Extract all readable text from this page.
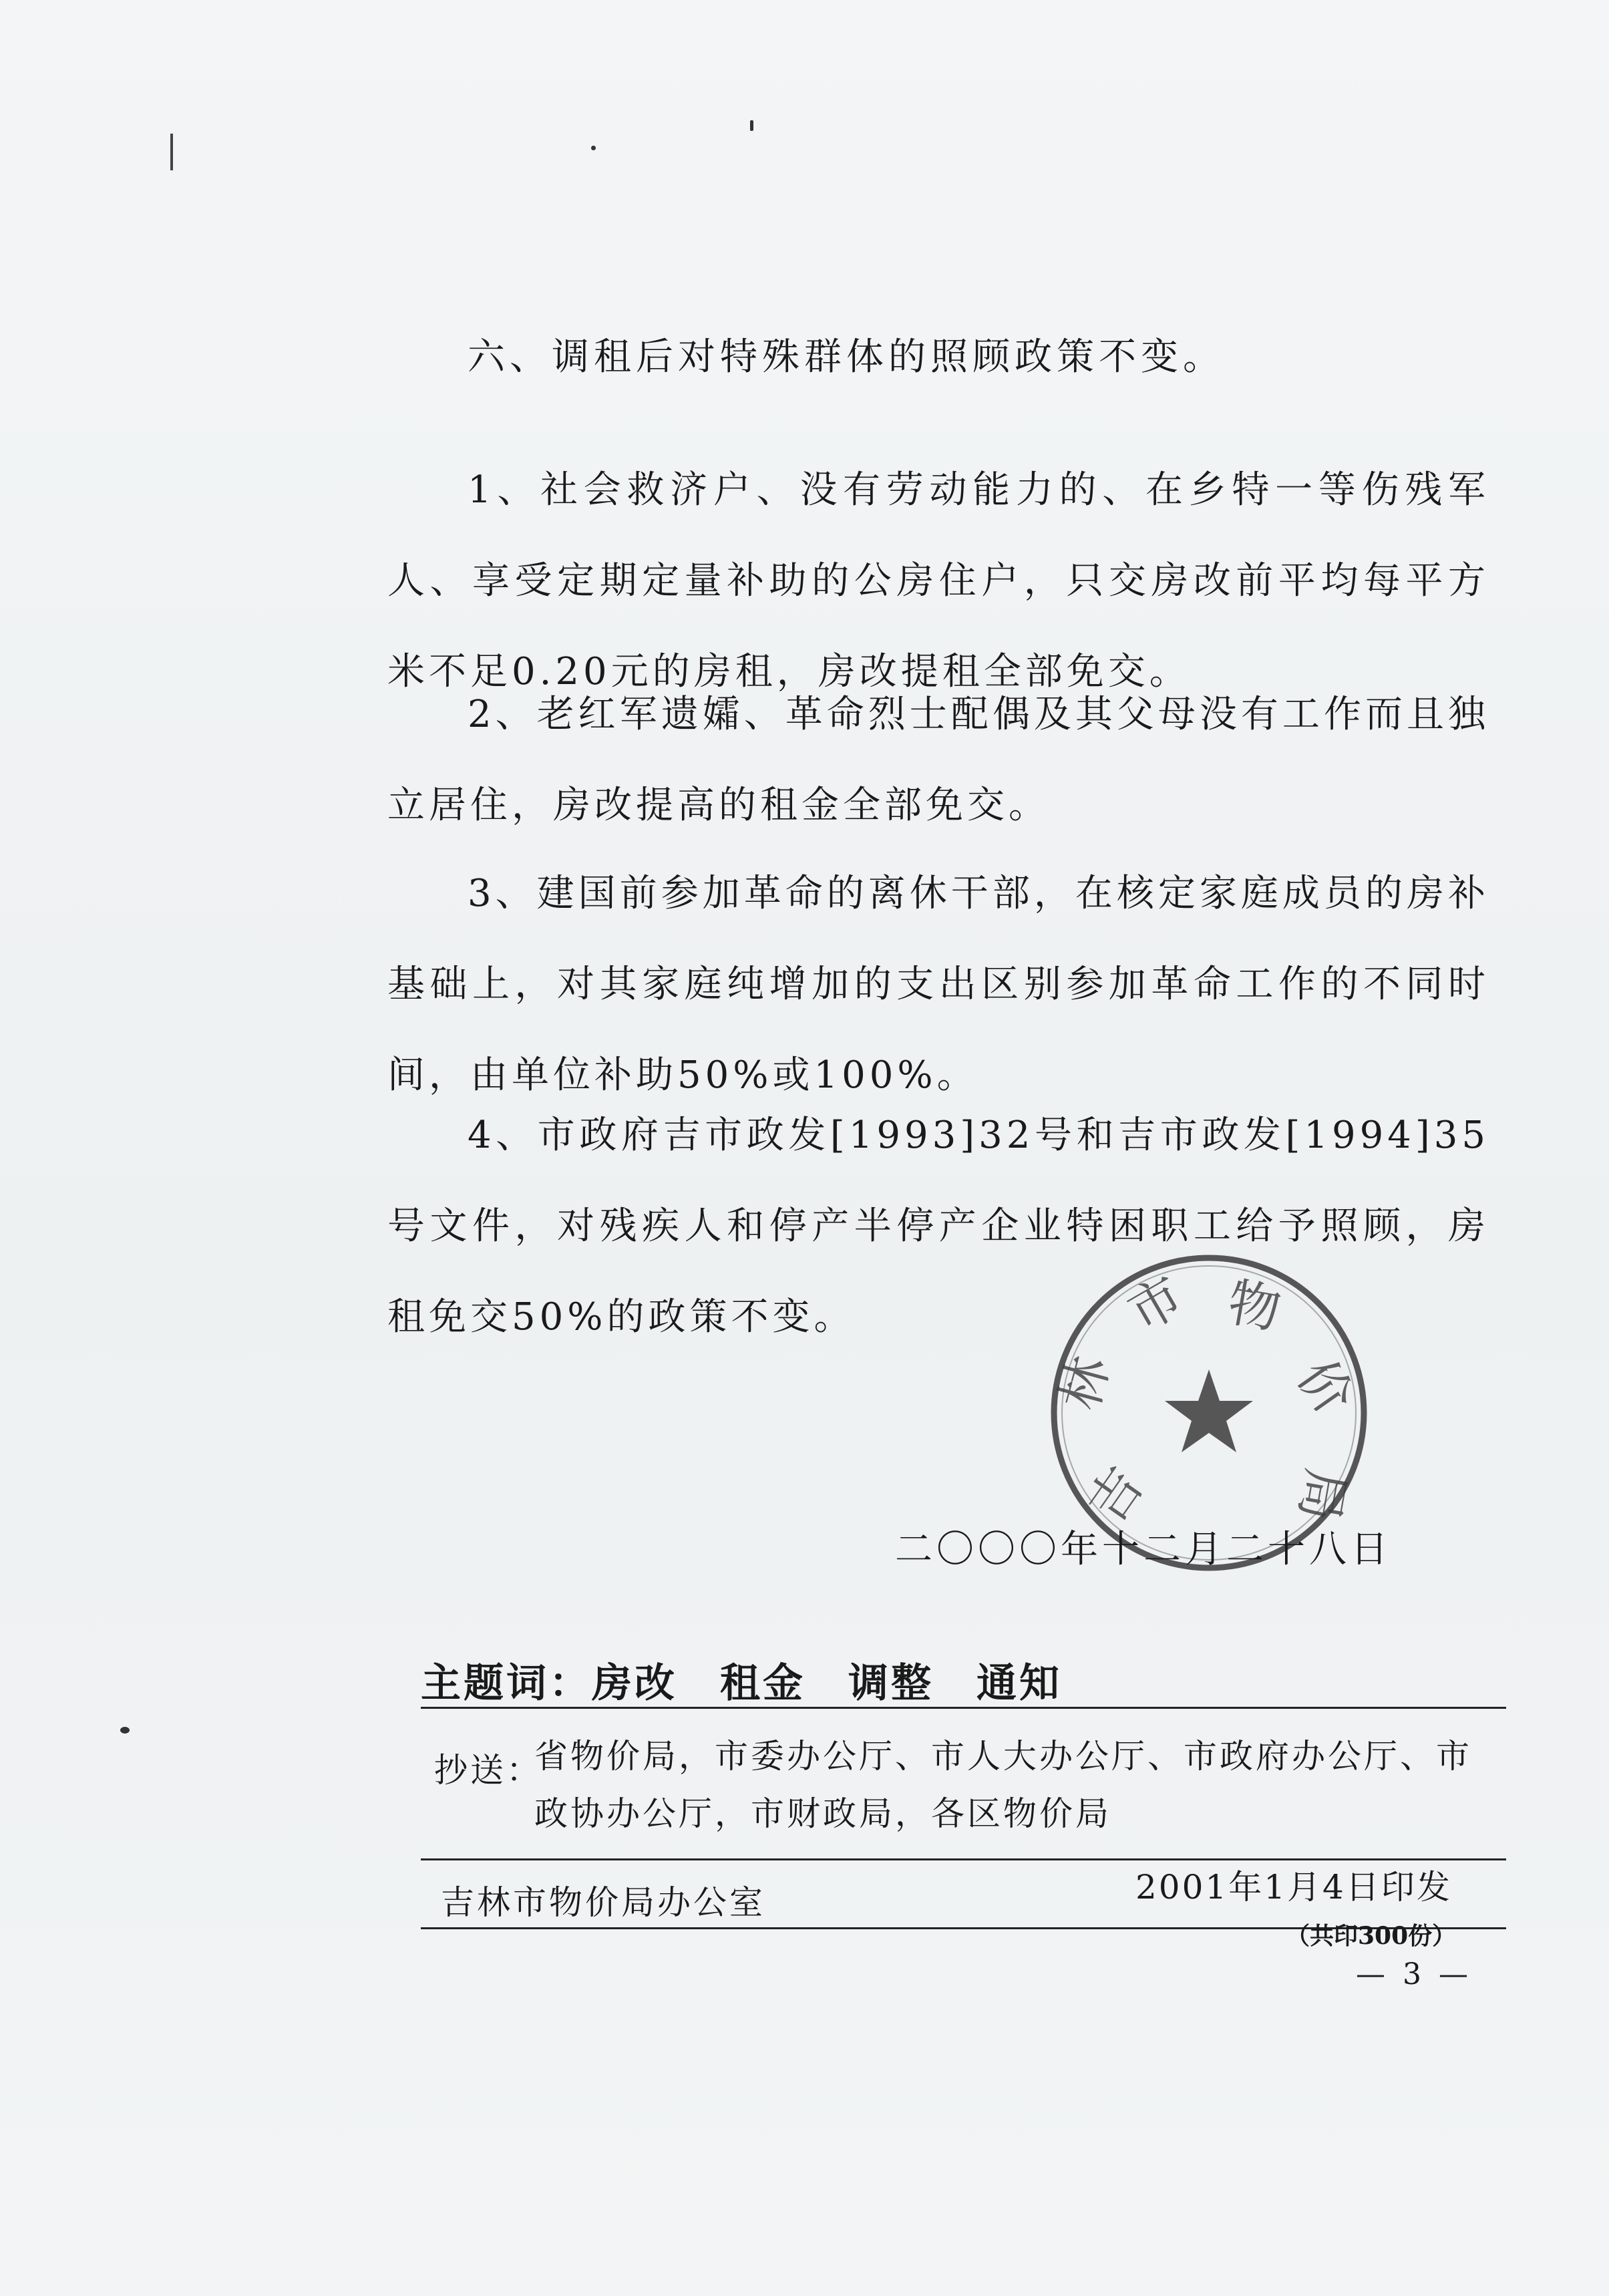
六、调租后对特殊群体的照顾政策不变。

1、社会救济户、没有劳动能力的、在乡特一等伤残军人、享受定期定量补助的公房住户，只交房改前平均每平方米不足0.20元的房租，房改提租全部免交。

2、老红军遗孀、革命烈士配偶及其父母没有工作而且独立居住，房改提高的租金全部免交。

3、建国前参加革命的离休干部，在核定家庭成员的房补基础上，对其家庭纯增加的支出区别参加革命工作的不同时间，由单位补助50%或100%。

4、市政府吉市政发[1993]32号和吉市政发[1994]35号文件，对残疾人和停产半停产企业特困职工给予照顾，房租免交50%的政策不变。

吉
林
市 物
价
局
二〇〇〇年十二月二十八日
主题词：房改 租金 调整 通知
抄送：
省物价局，市委办公厅、市人大办公厅、市政府办公厅、市政协办公厅，市财政局，各区物价局
吉林市物价局办公室	2001年1月4日印发
（共印300份）
— 3 —
